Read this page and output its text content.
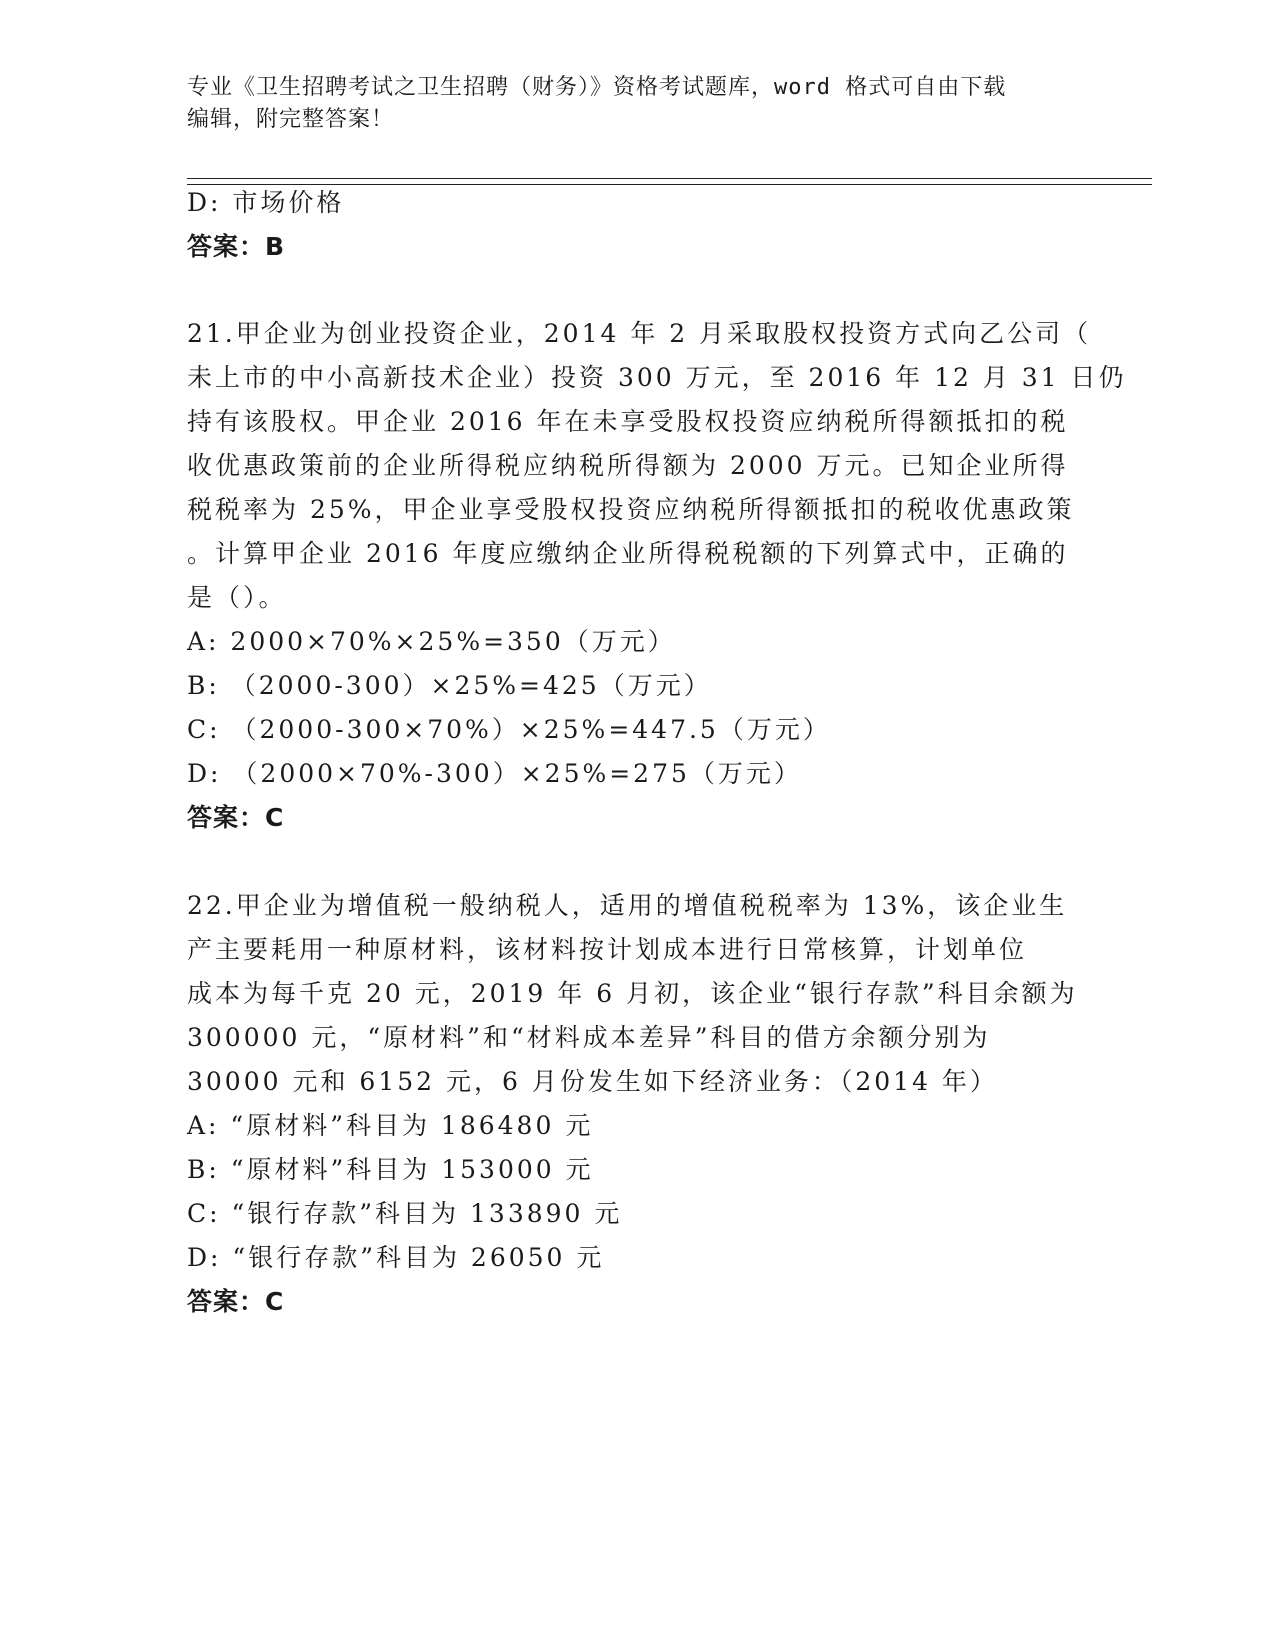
专业《卫生招聘考试之卫生招聘（财务）》资格考试题库，word 格式可自由下载
编辑，附完整答案！
D: 市场价格
答案：B
21.甲企业为创业投资企业，2014 年 2 月采取股权投资方式向乙公司（
未上市的中小高新技术企业）投资 300 万元，至 2016 年 12 月 31 日仍
持有该股权。甲企业 2016 年在未享受股权投资应纳税所得额抵扣的税
收优惠政策前的企业所得税应纳税所得额为 2000 万元。已知企业所得
税税率为 25%，甲企业享受股权投资应纳税所得额抵扣的税收优惠政策
。计算甲企业 2016 年度应缴纳企业所得税税额的下列算式中，正确的
是（）。
A: 2000×70%×25%=350（万元）
B: （2000-300）×25%=425（万元）
C: （2000-300×70%）×25%=447.5（万元）
D: （2000×70%-300）×25%=275（万元）
答案：C
22.甲企业为增值税一般纳税人，适用的增值税税率为 13%，该企业生
产主要耗用一种原材料，该材料按计划成本进行日常核算，计划单位
成本为每千克 20 元，2019 年 6 月初，该企业“银行存款”科目余额为
300000 元，“原材料”和“材料成本差异”科目的借方余额分别为
30000 元和 6152 元，6 月份发生如下经济业务：（2014 年）
A: “原材料”科目为 186480 元
B: “原材料”科目为 153000 元
C: “银行存款”科目为 133890 元
D: “银行存款”科目为 26050 元
答案：C
